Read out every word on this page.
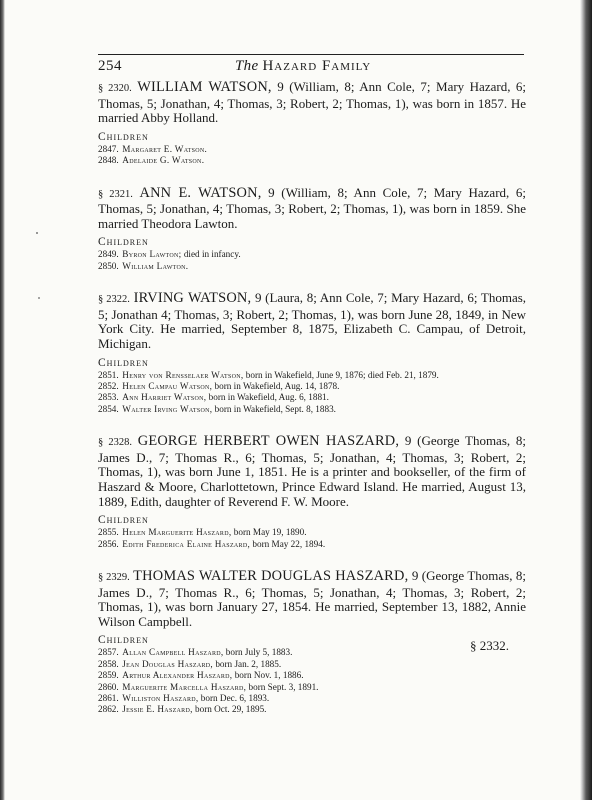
254	The Hazard Family
§ 2320. WILLIAM WATSON, 9 (William, 8; Ann Cole, 7; Mary Hazard, 6; Thomas, 5; Jonathan, 4; Thomas, 3; Robert, 2; Thomas, 1), was born in 1857. He married Abby Holland.
Children
2847. Margaret E. Watson.
2848. Adelaide G. Watson.
§ 2321. ANN E. WATSON, 9 (William, 8; Ann Cole, 7; Mary Hazard, 6; Thomas, 5; Jonathan, 4; Thomas, 3; Robert, 2; Thomas, 1), was born in 1859. She married Theodora Lawton.
Children
2849. Byron Lawton; died in infancy.
2850. William Lawton.
§ 2322. IRVING WATSON, 9 (Laura, 8; Ann Cole, 7; Mary Hazard, 6; Thomas, 5; Jonathan 4; Thomas, 3; Robert, 2; Thomas, 1), was born June 28, 1849, in New York City. He married, September 8, 1875, Elizabeth C. Campau, of Detroit, Michigan.
Children
2851. Henry von Rensselaer Watson, born in Wakefield, June 9, 1876; died Feb. 21, 1879.
2852. Helen Campau Watson, born in Wakefield, Aug. 14, 1878.
2853. Ann Harriet Watson, born in Wakefield, Aug. 6, 1881.
2854. Walter Irving Watson, born in Wakefield, Sept. 8, 1883.
§ 2328. GEORGE HERBERT OWEN HASZARD, 9 (George Thomas, 8; James D., 7; Thomas R., 6; Thomas, 5; Jonathan, 4; Thomas, 3; Robert, 2; Thomas, 1), was born June 1, 1851. He is a printer and bookseller, of the firm of Haszard & Moore, Charlottetown, Prince Edward Island. He married, August 13, 1889, Edith, daughter of Reverend F. W. Moore.
Children
2855. Helen Marguerite Haszard, born May 19, 1890.
2856. Edith Frederica Elaine Haszard, born May 22, 1894.
§ 2329. THOMAS WALTER DOUGLAS HASZARD, 9 (George Thomas, 8; James D., 7; Thomas R., 6; Thomas, 5; Jonathan, 4; Thomas, 3; Robert, 2; Thomas, 1), was born January 27, 1854. He married, September 13, 1882, Annie Wilson Campbell.
Children
2857. Allan Campbell Haszard, born July 5, 1883.
2858. Jean Douglas Haszard, born Jan. 2, 1885.
2859. Arthur Alexander Haszard, born Nov. 1, 1886.
2860. Marguerite Marcella Haszard, born Sept. 3, 1891.
2861. Williston Haszard, born Dec. 6, 1893.
2862. Jessie E. Haszard, born Oct. 29, 1895.
§ 2332.
